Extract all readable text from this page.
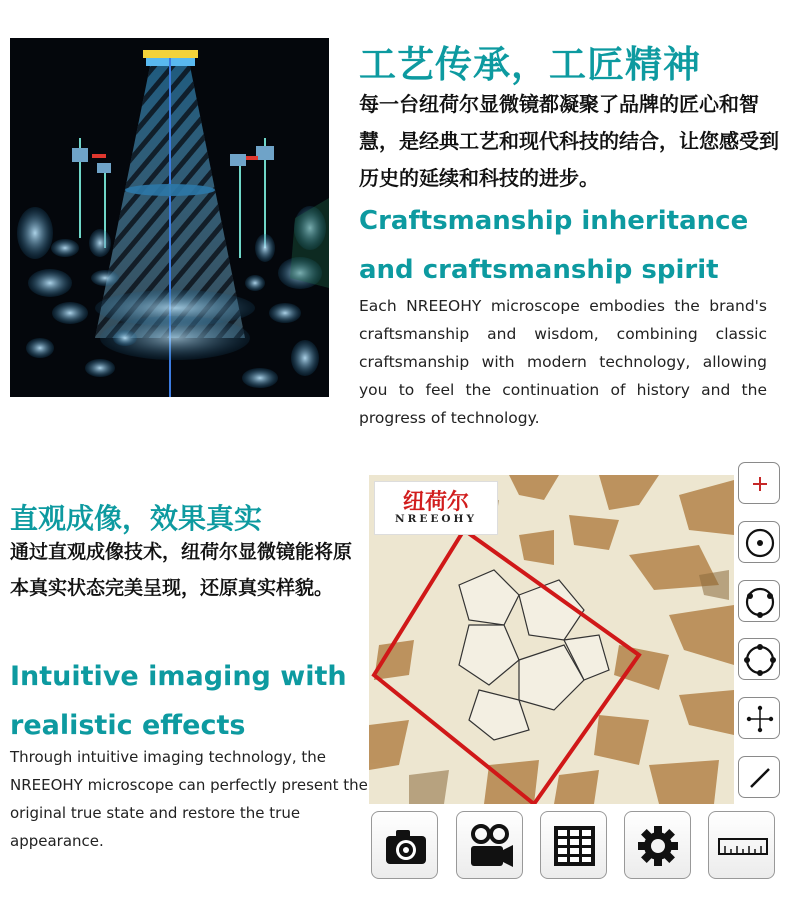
工艺传承，工匠精神
每一台纽荷尔显微镜都凝聚了品牌的匠心和智慧，是经典工艺和现代科技的结合，让您感受到历史的延续和科技的进步。
Craftsmanship inheritance and craftsmanship spirit
Each NREEOHY microscope embodies the brand's craftsmanship and wisdom, combining classic craftsmanship with modern technology, allowing you to feel the continuation of history and the progress of technology.
直观成像，效果真实
通过直观成像技术，纽荷尔显微镜能将原本真实状态完美呈现，还原真实样貌。
Intuitive imaging with realistic effects
Through intuitive imaging technology, the NREEOHY microscope can perfectly present the original true state and restore the true appearance.
纽荷尔
NREEOHY
